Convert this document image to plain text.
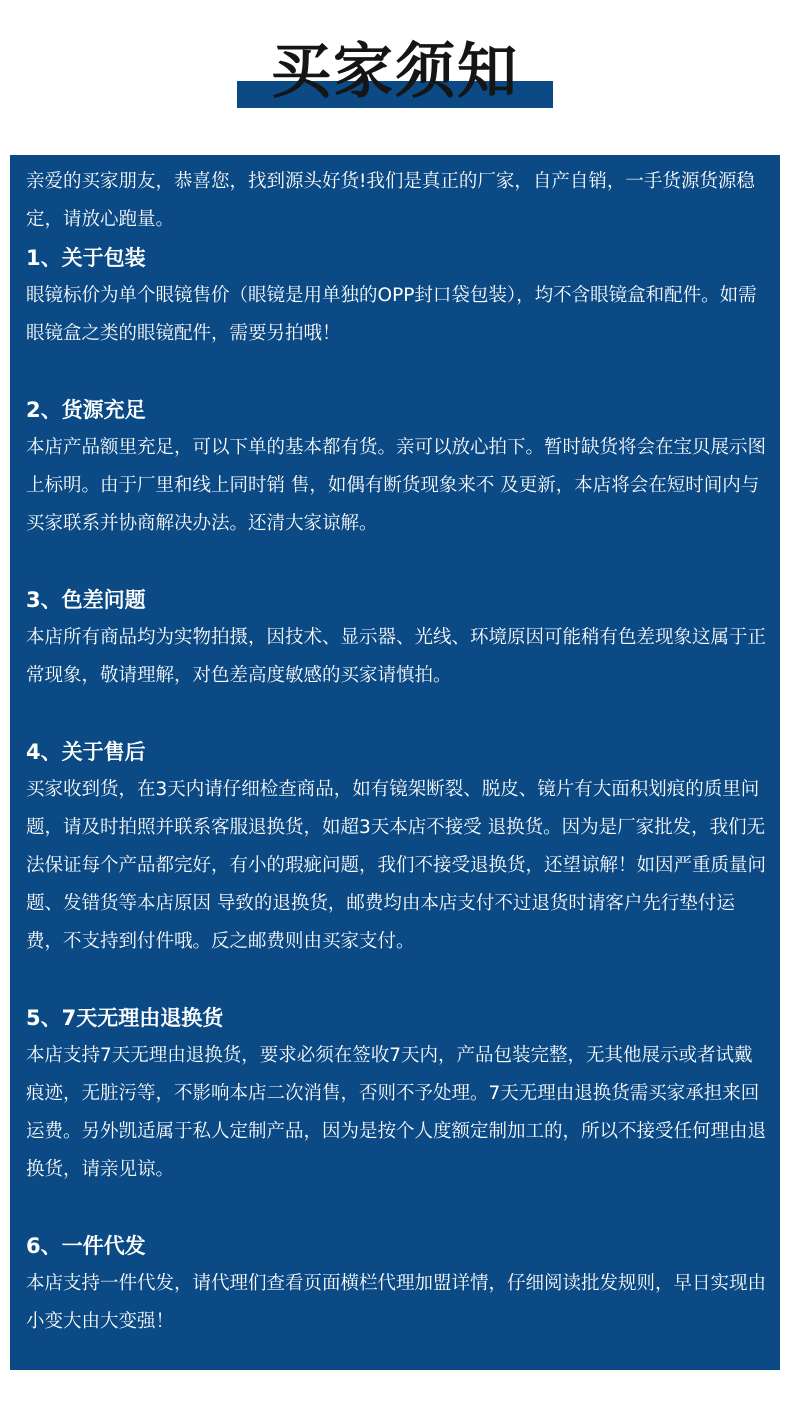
买家须知

亲爱的买家朋友，恭喜您，找到源头好货!我们是真正的厂家，自产自销，一手货源货源稳定，请放心跑量。

1、关于包装

眼镜标价为单个眼镜售价（眼镜是用单独的OPP封口袋包装），均不含眼镜盒和配件。如需眼镜盒之类的眼镜配件，需要另拍哦！

2、货源充足

本店产品额里充足，可以下单的基本都有货。亲可以放心拍下。暂时缺货将会在宝贝展示图上标明。由于厂里和线上同时销 售，如偶有断货现象来不 及更新，本店将会在短时间内与买家联系并协商解决办法。还清大家谅解。

3、色差问题

本店所有商品均为实物拍摄，因技术、显示器、光线、环境原因可能稍有色差现象这属于正常现象，敬请理解，对色差高度敏感的买家请慎拍。

4、关于售后

买家收到货，在3天内请仔细检查商品，如有镜架断裂、脱皮、镜片有大面积划痕的质里问题，请及时拍照并联系客服退换货，如超3天本店不接受 退换货。因为是厂家批发，我们无法保证每个产品都完好，有小的瑕疵问题，我们不接受退换货，还望谅解！如因严重质量问题、发错货等本店原因 导致的退换货，邮费均由本店支付不过退货时请客户先行垫付运费，不支持到付件哦。反之邮费则由买家支付。

5、7天无理由退换货

本店支持7天无理由退换货，要求必须在签收7天内，产品包装完整，无其他展示或者试戴痕迹，无脏污等，不影响本店二次消售，否则不予处理。7天无理由退换货需买家承担来回运费。另外凯适属于私人定制产品，因为是按个人度额定制加工的，所以不接受任何理由退换货，请亲见谅。

6、一件代发

本店支持一件代发，请代理们查看页面横栏代理加盟详情，仔细阅读批发规则，早日实现由小变大由大变强！
